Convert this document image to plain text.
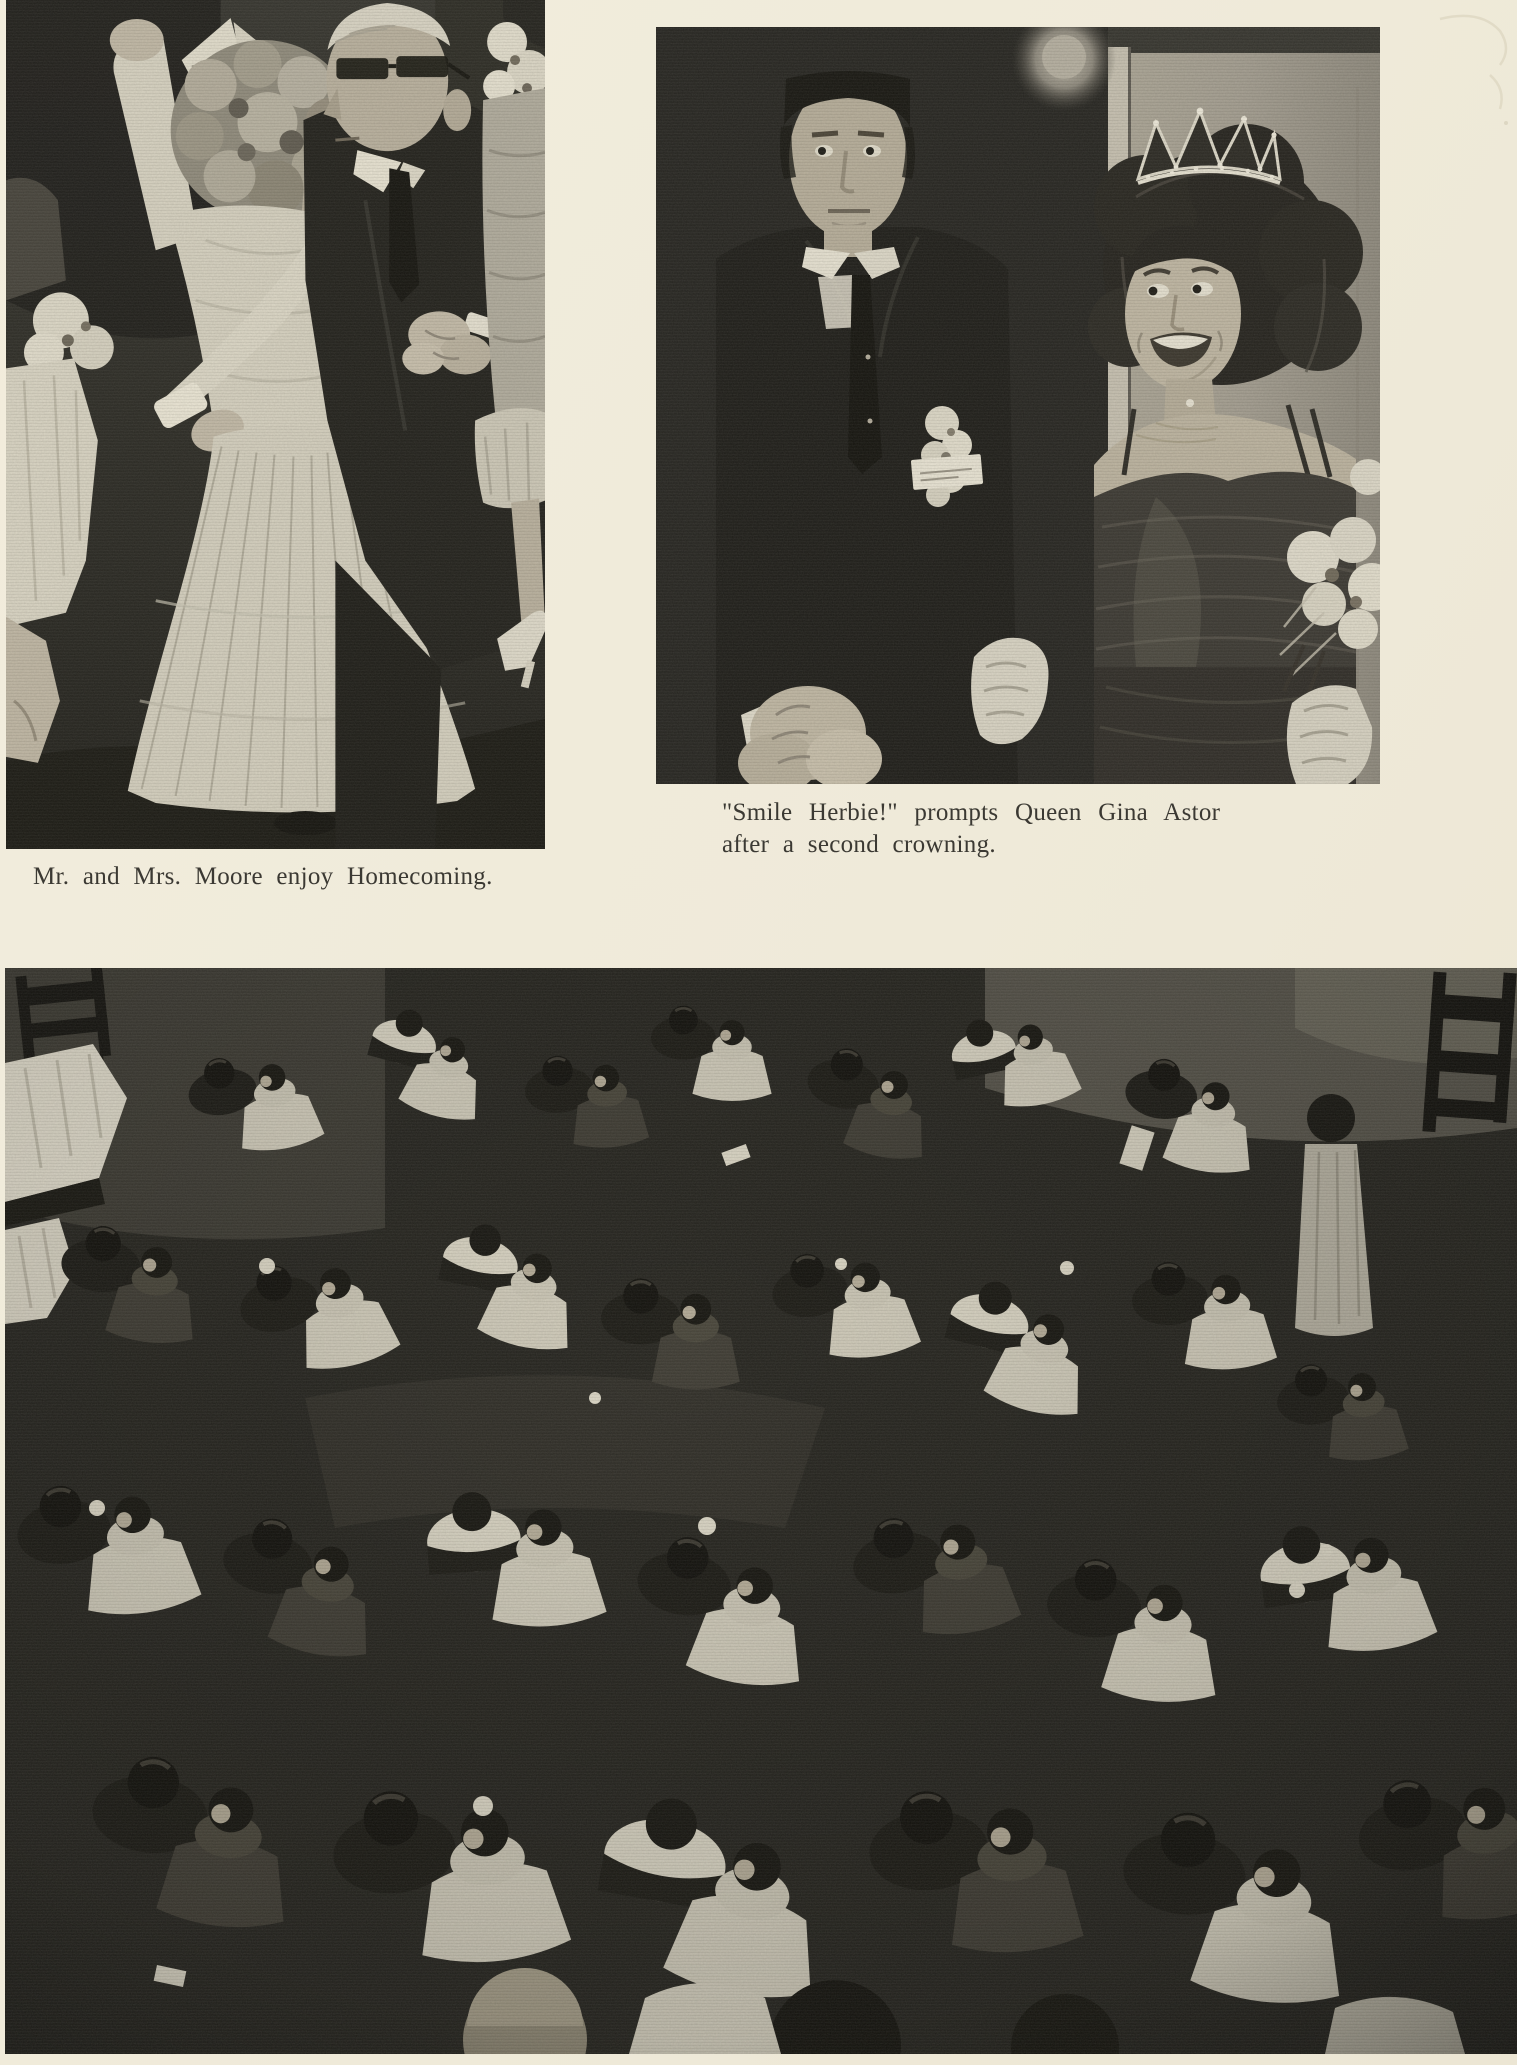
Mr. and Mrs. Moore enjoy Homecoming.
"Smile Herbie!" prompts Queen Gina Astor
after a second crowning.
